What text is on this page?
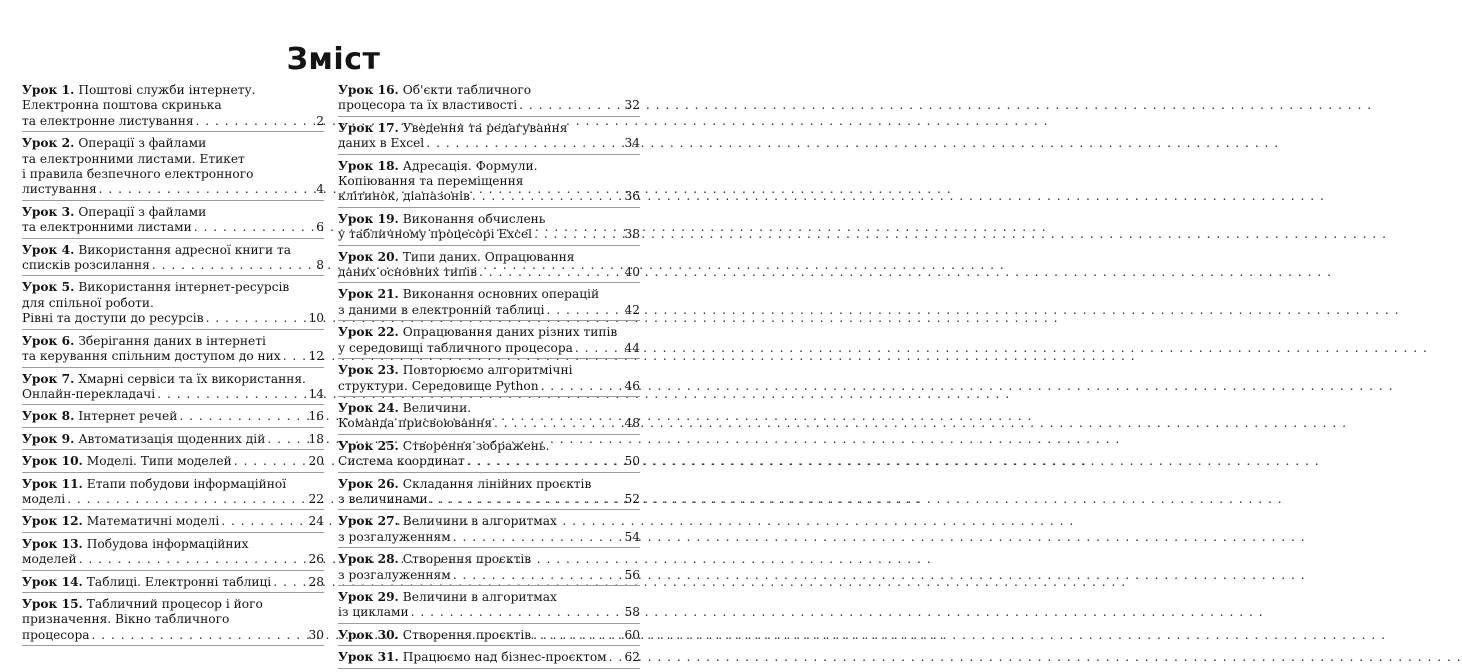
Зміст
Урок 1. Поштові служби інтернету.
Електронна поштова скринька
та електронне листування . . .	2
Урок 2. Операції з файлами
та електронними листами. Етикет
і правила безпечного електронного
листування . . .	4
Урок 3. Операції з файлами
та електронними листами . . .	6
Урок 4. Використання адресної книги та
списків розсилання . . .	8
Урок 5. Використання інтернет-ресурсів
для спільної роботи.
Рівні та доступи до ресурсів . . .	10
Урок 6. Зберігання даних в інтернеті
та керування спільним доступом до них . . . 12
Урок 7. Хмарні сервіси та їх використання.
Онлайн-перекладачі . . .	14
Урок 8. Інтернет речей . . .	16
Урок 9. Автоматизація щоденних дій . . .	18
Урок 10. Моделі. Типи моделей . . .	20
Урок 11. Етапи побудови інформаційної
моделі . . .	22
Урок 12. Математичні моделі . . .	24
Урок 13. Побудова інформаційних
моделей . . .	26
Урок 14. Таблиці. Електронні таблиці . . .	28
Урок 15. Табличний процесор і його
призначення. Вікно табличного
процесора . . .	30
Урок 16. Об'єкти табличного
процесора та їх властивості . . .	32
Урок 17. Уведення та редагування
даних в Excel . . .	34
Урок 18. Адресація. Формули.
Копіювання та переміщення
клітинок, діапазонів . . .	36
Урок 19. Виконання обчислень
у табличному процесорі Excel . . .	38
Урок 20. Типи даних. Опрацювання
даних основних типів . . .	40
Урок 21. Виконання основних операцій
з даними в електронній таблиці . . .	42
Урок 22. Опрацювання даних різних типів
у середовищі табличного процесора . . .	44
Урок 23. Повторюємо алгоритмічні
структури. Середовище Python . . .	46
Урок 24. Величини.
Команда присвоювання . . .	48
Урок 25. Створення зображень.
Система координат . . .	50
Урок 26. Складання лінійних проєктів
з величинами . . .	52
Урок 27. Величини в алгоритмах
з розгалуженням . . .	54
Урок 28. Створення проєктів
з розгалуженням . . .	56
Урок 29. Величини в алгоритмах
із циклами . . .	58
Урок 30. Створення проєктів . . .	60
Урок 31. Працюємо над бізнес-проєктом . . . 62
